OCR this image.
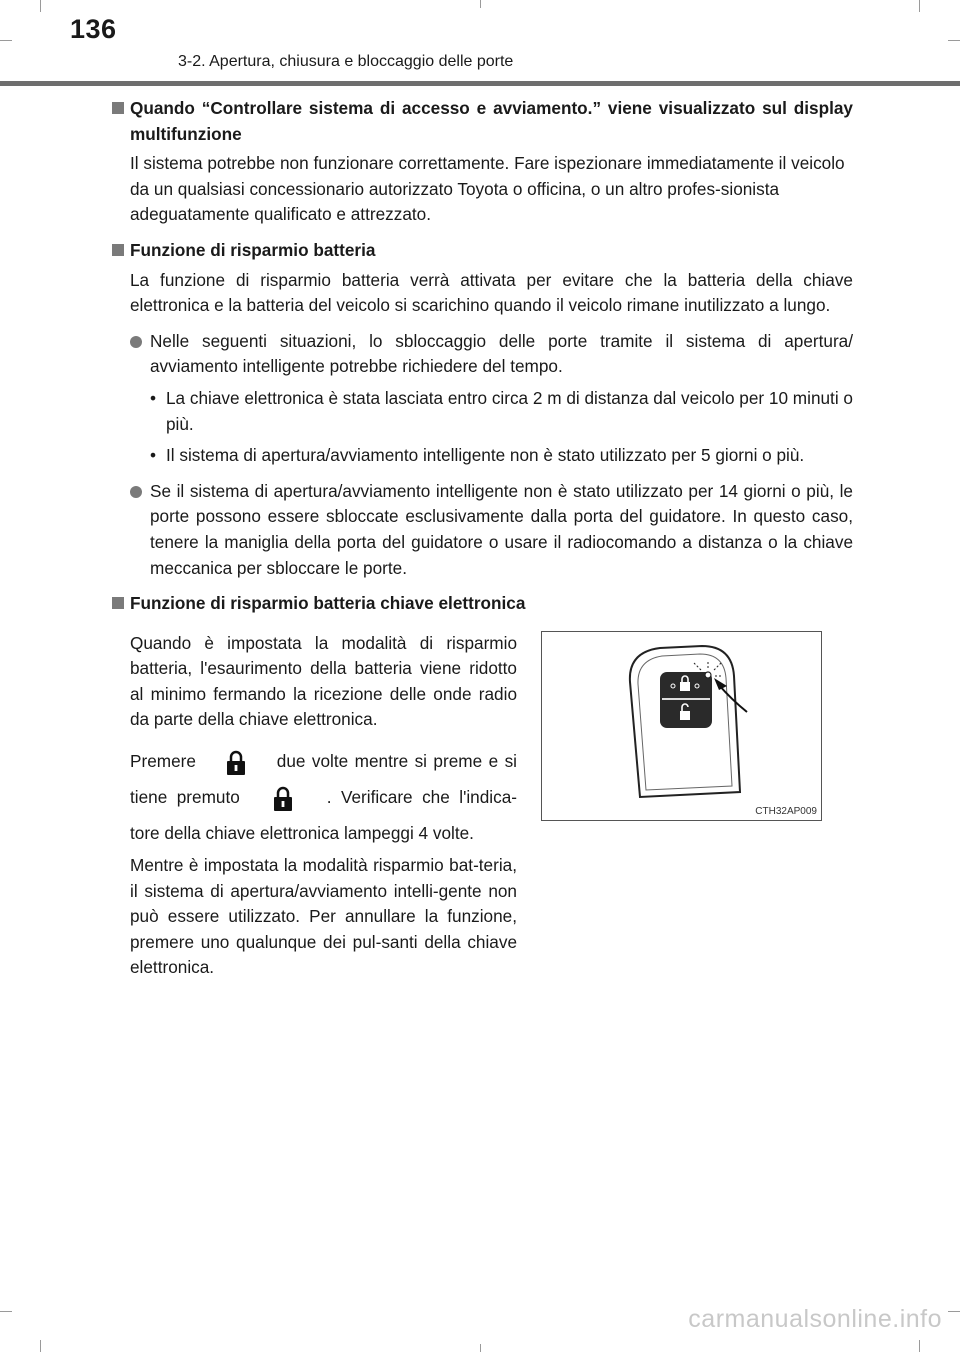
136
3-2. Apertura, chiusura e bloccaggio delle porte
Quando “Controllare sistema di accesso e avviamento.” viene visualizzato sul display multifunzione
Il sistema potrebbe non funzionare correttamente. Fare ispezionare immediatamente il veicolo da un qualsiasi concessionario autorizzato Toyota o officina, o un altro profes-sionista adeguatamente qualificato e attrezzato.
Funzione di risparmio batteria
La funzione di risparmio batteria verrà attivata per evitare che la batteria della chiave elettronica e la batteria del veicolo si scarichino quando il veicolo rimane inutilizzato a lungo.
Nelle seguenti situazioni, lo sbloccaggio delle porte tramite il sistema di apertura/ avviamento intelligente potrebbe richiedere del tempo.
• La chiave elettronica è stata lasciata entro circa 2 m di distanza dal veicolo per 10 minuti o più.
• Il sistema di apertura/avviamento intelligente non è stato utilizzato per 5 giorni o più.
Se il sistema di apertura/avviamento intelligente non è stato utilizzato per 14 giorni o più, le porte possono essere sbloccate esclusivamente dalla porta del guidatore. In questo caso, tenere la maniglia della porta del guidatore o usare il radiocomando a distanza o la chiave meccanica per sbloccare le porte.
Funzione di risparmio batteria chiave elettronica
Quando è impostata la modalità di risparmio batteria, l'esaurimento della batteria viene ridotto al minimo fermando la ricezione delle onde radio da parte della chiave elettronica.
Premere	due volte mentre si preme e si tiene premuto	. Verificare che l'indica-tore della chiave elettronica lampeggi 4 volte.
Mentre è impostata la modalità risparmio bat-teria, il sistema di apertura/avviamento intelli-gente non può essere utilizzato. Per annullare la funzione, premere uno qualunque dei pul-santi della chiave elettronica.
CTH32AP009
carmanualsonline.info
